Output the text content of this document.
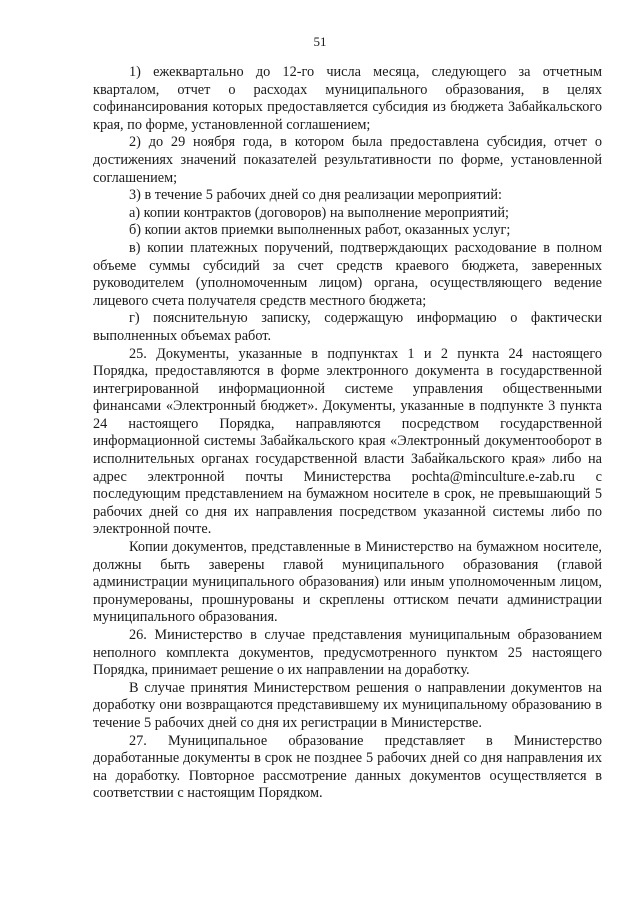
51

1) ежеквартально до 12-го числа месяца, следующего за отчетным кварталом, отчет о расходах муниципального образования, в целях софинансирования которых предоставляется субсидия из бюджета Забайкальского края, по форме, установленной соглашением;

2) до 29 ноября года, в котором была предоставлена субсидия, отчет о достижениях значений показателей результативности по форме, установленной соглашением;

3) в течение 5 рабочих дней со дня реализации мероприятий:

а) копии контрактов (договоров) на выполнение мероприятий;

б) копии актов приемки выполненных работ, оказанных услуг;

в) копии платежных поручений, подтверждающих расходование в полном объеме суммы субсидий за счет средств краевого бюджета, заверенных руководителем (уполномоченным лицом) органа, осуществляющего ведение лицевого счета получателя средств местного бюджета;

г) пояснительную записку, содержащую информацию о фактически выполненных объемах работ.

25. Документы, указанные в подпунктах 1 и 2 пункта 24 настоящего Порядка, предоставляются в форме электронного документа в государственной интегрированной информационной системе управления общественными финансами «Электронный бюджет». Документы, указанные в подпункте 3 пункта 24 настоящего Порядка, направляются посредством государственной информационной системы Забайкальского края «Электронный документооборот в исполнительных органах государственной власти Забайкальского края» либо на адрес электронной почты Министерства pochta@minculture.e-zab.ru с последующим представлением на бумажном носителе в срок, не превышающий 5 рабочих дней со дня их направления посредством указанной системы либо по электронной почте.

Копии документов, представленные в Министерство на бумажном носителе, должны быть заверены главой муниципального образования (главой администрации муниципального образования) или иным уполномоченным лицом, пронумерованы, прошнурованы и скреплены оттиском печати администрации муниципального образования.

26. Министерство в случае представления муниципальным образованием неполного комплекта документов, предусмотренного пунктом 25 настоящего Порядка, принимает решение о их направлении на доработку.

В случае принятия Министерством решения о направлении документов на доработку они возвращаются представившему их муниципальному образованию в течение 5 рабочих дней со дня их регистрации в Министерстве.

27. Муниципальное образование представляет в Министерство доработанные документы в срок не позднее 5 рабочих дней со дня направления их на доработку. Повторное рассмотрение данных документов осуществляется в соответствии с настоящим Порядком.
